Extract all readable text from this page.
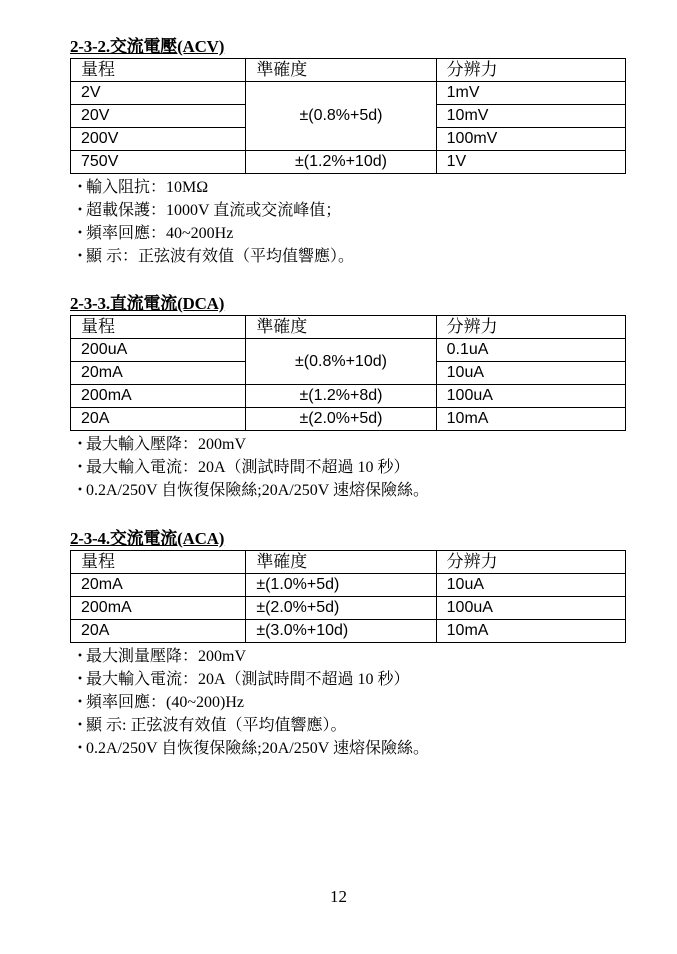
2-3-2.交流電壓(ACV)
量程	準確度	分辨力
2V	±(0.8%+5d)	1mV
20V		10mV
200V		100mV
750V	±(1.2%+10d)	1V
・輸入阻抗：10MΩ
・超載保護：1000V 直流或交流峰值；
・頻率回應：40~200Hz
・顯 示：正弦波有效值（平均值響應）。
2-3-3.直流電流(DCA)
量程	準確度	分辨力
200uA	±(0.8%+10d)	0.1uA
20mA		10uA
200mA	±(1.2%+8d)	100uA
20A	±(2.0%+5d)	10mA
・最大輸入壓降：200mV
・最大輸入電流：20A（測試時間不超過 10 秒）
・0.2A/250V 自恢復保險絲;20A/250V 速熔保險絲。
2-3-4.交流電流(ACA)
量程	準確度	分辨力
20mA	±(1.0%+5d)	10uA
200mA	±(2.0%+5d)	100uA
20A	±(3.0%+10d)	10mA
・最大測量壓降：200mV
・最大輸入電流：20A（測試時間不超過 10 秒）
・頻率回應：(40~200)Hz
・顯 示: 正弦波有效值（平均值響應）。
・0.2A/250V 自恢復保險絲;20A/250V 速熔保險絲。
12
